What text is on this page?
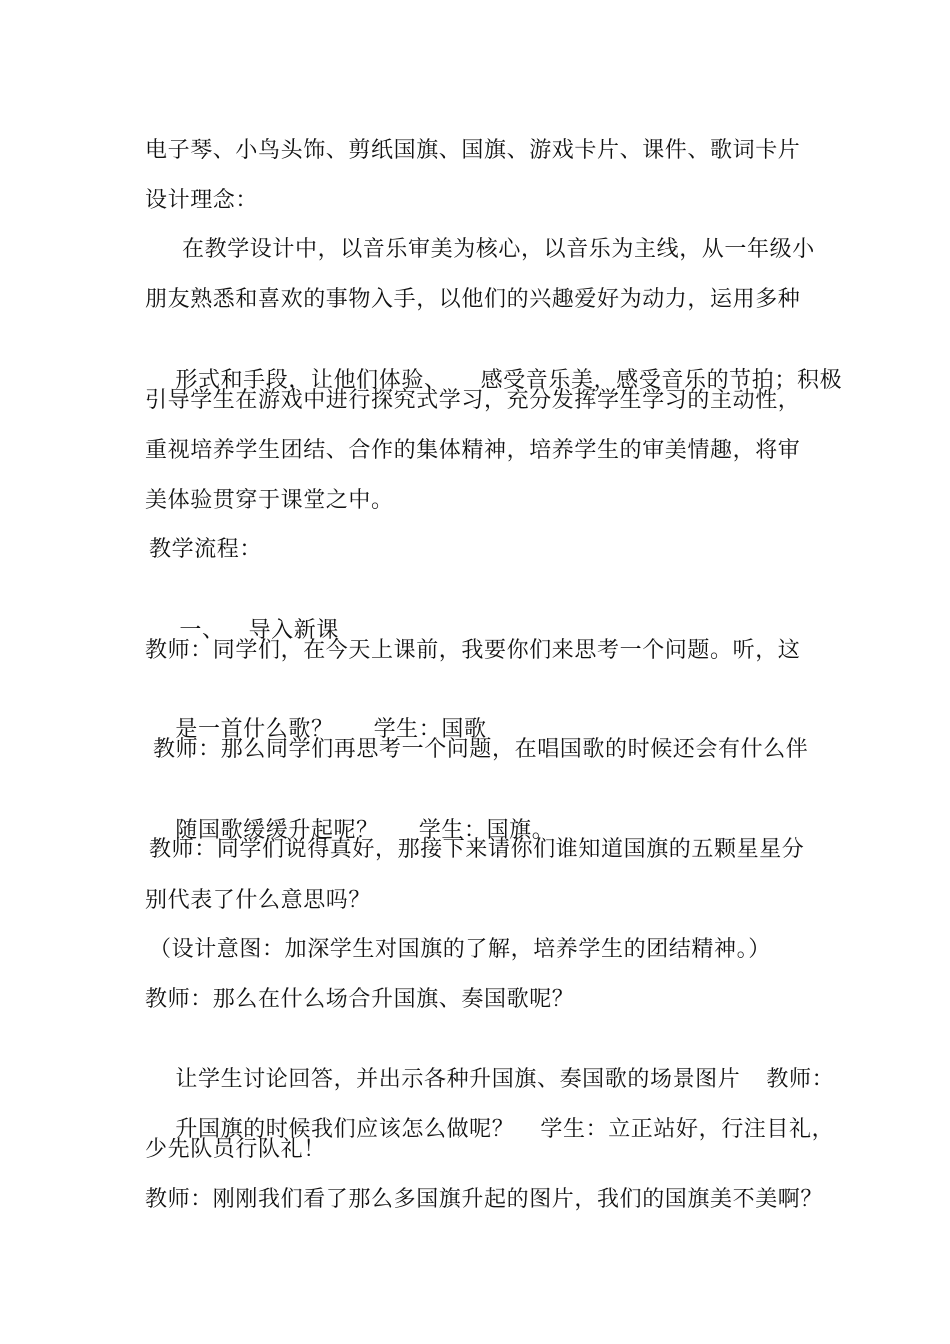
电子琴、小鸟头饰、剪纸国旗、国旗、游戏卡片、课件、歌词卡片
设计理念：
在教学设计中，以音乐审美为核心，以音乐为主线，从一年级小
朋友熟悉和喜欢的事物入手，以他们的兴趣爱好为动力，运用多种

形式和手段，让他们体验、 感受音乐美，感受音乐的节拍；积极

引导学生在游戏中进行探究式学习，充分发挥学生学习的主动性，
重视培养学生团结、合作的集体精神，培养学生的审美情趣，将审
美体验贯穿于课堂之中。
教学流程：

一、 导入新课

教师：同学们，在今天上课前，我要你们来思考一个问题。听，这

是一首什么歌？ 学生：国歌

教师：那么同学们再思考一个问题，在唱国歌的时候还会有什么伴

随国歌缓缓升起呢？ 学生：国旗。

教师：同学们说得真好，那接下来请你们谁知道国旗的五颗星星分
别代表了什么意思吗？
（设计意图：加深学生对国旗的了解，培养学生的团结精神。）
教师：那么在什么场合升国旗、奏国歌呢？

让学生讨论回答，并出示各种升国旗、奏国歌的场景图片 教师：

升国旗的时候我们应该怎么做呢？ 学生：立正站好，行注目礼，

少先队员行队礼！
教师：刚刚我们看了那么多国旗升起的图片，我们的国旗美不美啊？
